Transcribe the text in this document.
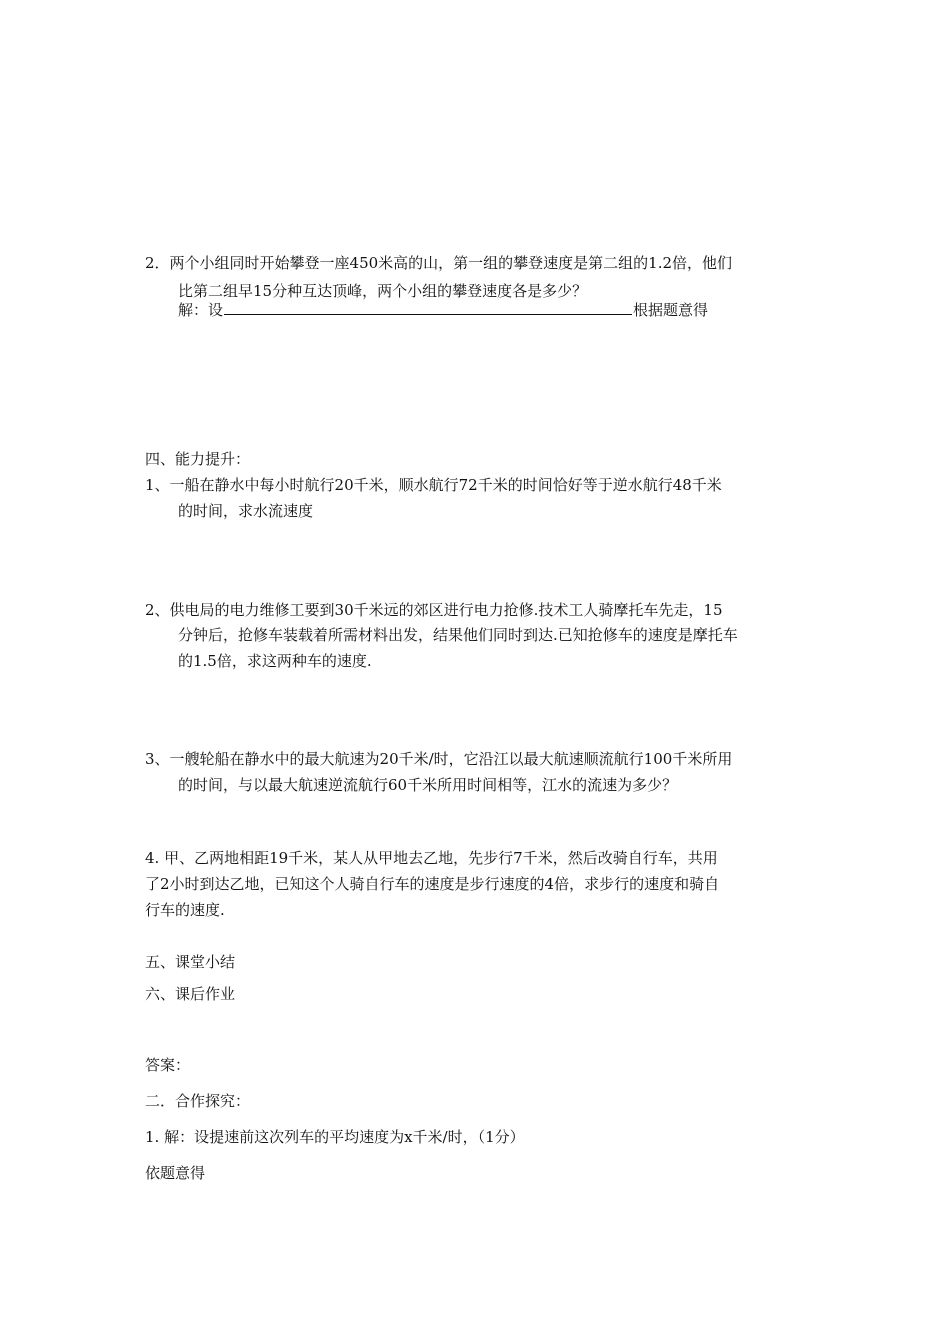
2．两个小组同时开始攀登一座450米高的山，第一组的攀登速度是第二组的1.2倍，他们
比第二组早15分种互达顶峰，两个小组的攀登速度各是多少？
解：设	根据题意得
四、能力提升：
1、一船在静水中每小时航行20千米，顺水航行72千米的时间恰好等于逆水航行48千米
的时间，求水流速度
2、供电局的电力维修工要到30千米远的郊区进行电力抢修.技术工人骑摩托车先走，15
分钟后，抢修车装载着所需材料出发，结果他们同时到达.已知抢修车的速度是摩托车
的1.5倍，求这两种车的速度.
3、一艘轮船在静水中的最大航速为20千米/时，它沿江以最大航速顺流航行100千米所用
的时间，与以最大航速逆流航行60千米所用时间相等，江水的流速为多少？
4. 甲、乙两地相距19千米，某人从甲地去乙地，先步行7千米，然后改骑自行车，共用
了2小时到达乙地，已知这个人骑自行车的速度是步行速度的4倍，求步行的速度和骑自
行车的速度.
五、课堂小结
六、课后作业
答案：
二．合作探究：
1. 解：设提速前这次列车的平均速度为x千米/时，（1分）
依题意得
